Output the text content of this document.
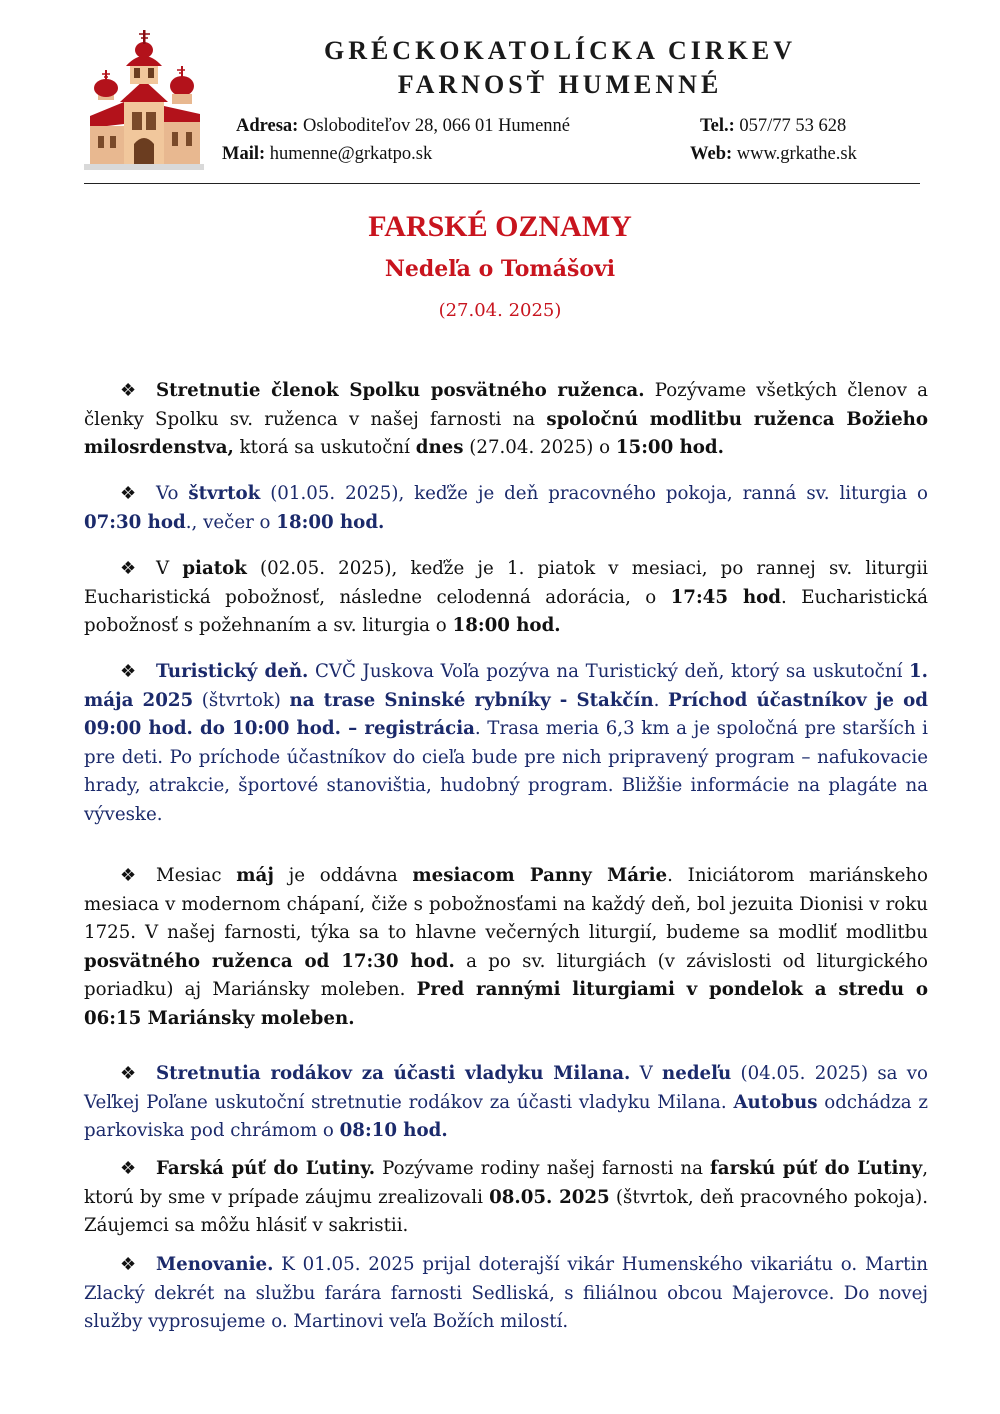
GRÉCKOKATOLÍCKA CIRKEV
FARNOSŤ HUMENNÉ
Adresa: Osloboditeľov 28, 066 01 Humenné	Tel.: 057/77 53 628
Mail: humenne@grkatpo.sk	Web: www.grkathe.sk
FARSKÉ OZNAMY
Nedeľa o Tomášovi
(27.04. 2025)
❖ Stretnutie členok Spolku posvätného ruženca. Pozývame všetkých členov a členky Spolku sv. ruženca v našej farnosti na spoločnú modlitbu ruženca Božieho milosrdenstva, ktorá sa uskutoční dnes (27.04. 2025) o 15:00 hod.
❖ Vo štvrtok (01.05. 2025), keďže je deň pracovného pokoja, ranná sv. liturgia o 07:30 hod., večer o 18:00 hod.
❖ V piatok (02.05. 2025), keďže je 1. piatok v mesiaci, po rannej sv. liturgii Eucharistická pobožnosť, následne celodenná adorácia, o 17:45 hod. Eucharistická pobožnosť s požehnaním a sv. liturgia o 18:00 hod.
❖ Turistický deň. CVČ Juskova Voľa pozýva na Turistický deň, ktorý sa uskutoční 1. mája 2025 (štvrtok) na trase Sninské rybníky - Stakčín. Príchod účastníkov je od 09:00 hod. do 10:00 hod. – registrácia. Trasa meria 6,3 km a je spoločná pre starších i pre deti. Po príchode účastníkov do cieľa bude pre nich pripravený program – nafukovacie hrady, atrakcie, športové stanovištia, hudobný program. Bližšie informácie na plagáte na výveske.
❖ Mesiac máj je oddávna mesiacom Panny Márie. Iniciátorom mariánskeho mesiaca v modernom chápaní, čiže s pobožnosťami na každý deň, bol jezuita Dionisi v roku 1725. V našej farnosti, týka sa to hlavne večerných liturgií, budeme sa modliť modlitbu posvätného ruženca od 17:30 hod. a po sv. liturgiách (v závislosti od liturgického poriadku) aj Mariánsky moleben. Pred rannými liturgiami v pondelok a stredu o 06:15 Mariánsky moleben.
❖ Stretnutia rodákov za účasti vladyku Milana. V nedeľu (04.05. 2025) sa vo Veľkej Poľane uskutoční stretnutie rodákov za účasti vladyku Milana. Autobus odchádza z parkoviska pod chrámom o 08:10 hod.
❖ Farská púť do Ľutiny. Pozývame rodiny našej farnosti na farskú púť do Ľutiny, ktorú by sme v prípade záujmu zrealizovali 08.05. 2025 (štvrtok, deň pracovného pokoja). Záujemci sa môžu hlásiť v sakristii.
❖ Menovanie. K 01.05. 2025 prijal doterajší vikár Humenského vikariátu o. Martin Zlacký dekrét na službu farára farnosti Sedliská, s filiálnou obcou Majerovce. Do novej služby vyprosujeme o. Martinovi veľa Božích milostí.
